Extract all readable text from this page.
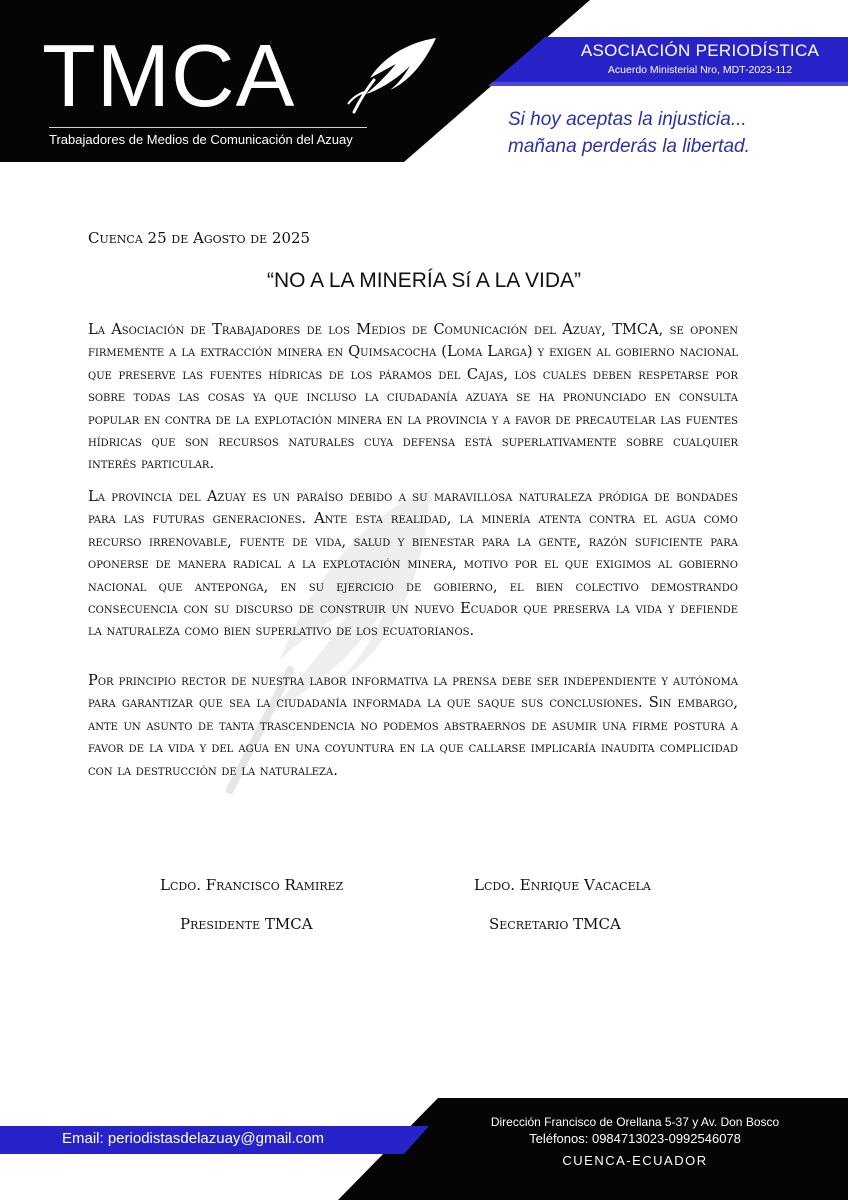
TMCA
Trabajadores de Medios de Comunicación del Azuay
ASOCIACIÓN PERIODÍSTICA
Acuerdo Ministerial Nro, MDT-2023-112
Si hoy aceptas la injusticia...
mañana perderás la libertad.
Cuenca 25 de Agosto de 2025
“NO A LA MINERÍA Sí A LA VIDA”

La Asociación de Trabajadores de los Medios de Comunicación del Azuay, TMCA, se oponen firmemente a la extracción minera en Quimsacocha (Loma Larga) y exigen al gobierno nacional que preserve las fuentes hídricas de los páramos del Cajas, los cuales deben respetarse por sobre todas las cosas ya que incluso la ciudadanía azuaya se ha pronunciado en consulta popular en contra de la explotación minera en la provincia y a favor de precautelar las fuentes hídricas que son recursos naturales cuya defensa está superlativamente sobre cualquier interés particular.

La provincia del Azuay es un paraíso debido a su maravillosa naturaleza pródiga de bondades para las futuras generaciones. Ante esta realidad, la minería atenta contra el agua como recurso irrenovable, fuente de vida, salud y bienestar para la gente, razón suficiente para oponerse de manera radical a la explotación minera, motivo por el que exigimos al gobierno nacional que anteponga, en su ejercicio de gobierno, el bien colectivo demostrando consecuencia con su discurso de construir un nuevo Ecuador que preserva la vida y defiende la naturaleza como bien superlativo de los ecuatorianos.

Por principio rector de nuestra labor informativa la prensa debe ser independiente y autónoma para garantizar que sea la ciudadanía informada la que saque sus conclusiones. Sin embargo, ante un asunto de tanta trascendencia no podemos abstraernos de asumir una firme postura a favor de la vida y del agua en una coyuntura en la que callarse implicaría inaudita complicidad con la destrucción de la naturaleza.

Lcdo. Francisco Ramirez
Presidente TMCA
Lcdo. Enrique Vacacela
Secretario TMCA
Email: periodistasdelazuay@gmail.com
Dirección Francisco de Orellana 5-37 y Av. Don Bosco
Teléfonos: 0984713023-0992546078
CUENCA-ECUADOR
